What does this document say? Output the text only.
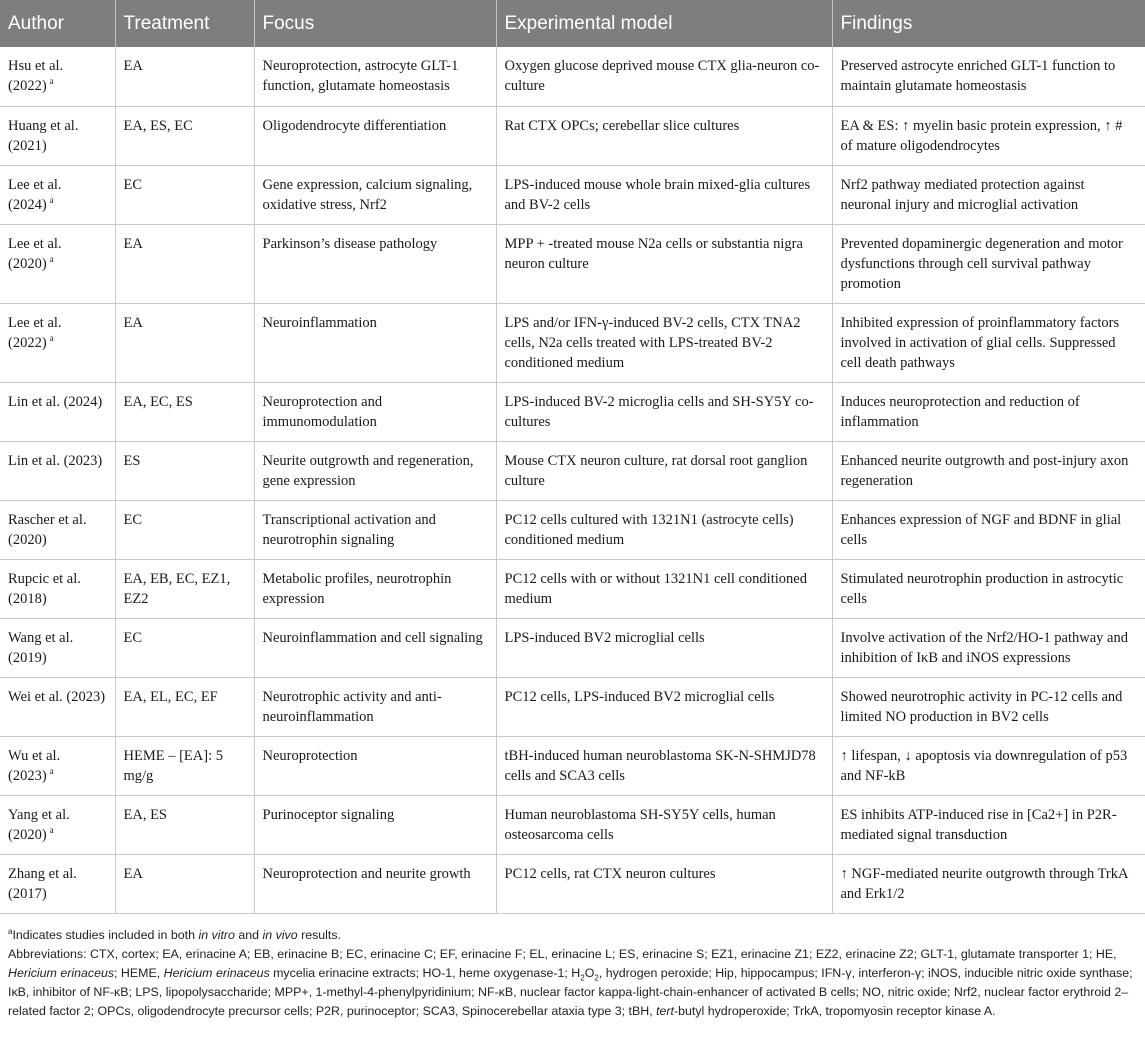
Author	Treatment	Focus	Experimental model	Findings
Hsu et al. (2022) $^a$	EA	Neuroprotection, astrocyte GLT-1 function, glutamate homeostasis	Oxygen glucose deprived mouse CTX glia-neuron co-culture	Preserved astrocyte enriched GLT-1 function to maintain glutamate homeostasis
Huang et al. (2021)	EA, ES, EC	Oligodendrocyte differentiation	Rat CTX OPCs; cerebellar slice cultures	EA & ES: ↑ myelin basic protein expression, ↑ # of mature oligodendrocytes
Lee et al. (2024) $^a$	EC	Gene expression, calcium signaling, oxidative stress, Nrf2	LPS-induced mouse whole brain mixed-glia cultures and BV-2 cells	Nrf2 pathway mediated protection against neuronal injury and microglial activation
Lee et al. (2020) $^a$	EA	Parkinson’s disease pathology	MPP + -treated mouse N2a cells or substantia nigra neuron culture	Prevented dopaminergic degeneration and motor dysfunctions through cell survival pathway promotion
Lee et al. (2022) $^a$	EA	Neuroinflammation	LPS and/or IFN-γ-induced BV-2 cells, CTX TNA2 cells, N2a cells treated with LPS-treated BV-2 conditioned medium	Inhibited expression of proinflammatory factors involved in activation of glial cells. Suppressed cell death pathways
Lin et al. (2024)	EA, EC, ES	Neuroprotection and immunomodulation	LPS-induced BV-2 microglia cells and SH-SY5Y co-cultures	Induces neuroprotection and reduction of inflammation
Lin et al. (2023)	ES	Neurite outgrowth and regeneration, gene expression	Mouse CTX neuron culture, rat dorsal root ganglion culture	Enhanced neurite outgrowth and post-injury axon regeneration
Rascher et al. (2020)	EC	Transcriptional activation and neurotrophin signaling	PC12 cells cultured with 1321N1 (astrocyte cells) conditioned medium	Enhances expression of NGF and BDNF in glial cells
Rupcic et al. (2018)	EA, EB, EC, EZ1, EZ2	Metabolic profiles, neurotrophin expression	PC12 cells with or without 1321N1 cell conditioned medium	Stimulated neurotrophin production in astrocytic cells
Wang et al. (2019)	EC	Neuroinflammation and cell signaling	LPS-induced BV2 microglial cells	Involve activation of the Nrf2/HO-1 pathway and inhibition of IκB and iNOS expressions
Wei et al. (2023)	EA, EL, EC, EF	Neurotrophic activity and anti-neuroinflammation	PC12 cells, LPS-induced BV2 microglial cells	Showed neurotrophic activity in PC-12 cells and limited NO production in BV2 cells
Wu et al. (2023) $^a$	HEME – [EA]: 5 mg/g	Neuroprotection	tBH-induced human neuroblastoma SK-N-SHMJD78 cells and SCA3 cells	↑ lifespan, ↓ apoptosis via downregulation of p53 and NF-kB
Yang et al. (2020) $^a$	EA, ES	Purinoceptor signaling	Human neuroblastoma SH-SY5Y cells, human osteosarcoma cells	ES inhibits ATP-induced rise in [Ca2+] in P2R-mediated signal transduction
Zhang et al. (2017)	EA	Neuroprotection and neurite growth	PC12 cells, rat CTX neuron cultures	↑ NGF-mediated neurite outgrowth through TrkA and Erk1/2

$^a$Indicates studies included in both in vitro and in vivo results.

Abbreviations: CTX, cortex; EA, erinacine A; EB, erinacine B; EC, erinacine C; EF, erinacine F; EL, erinacine L; ES, erinacine S; EZ1, erinacine Z1; EZ2, erinacine Z2; GLT-1, glutamate transporter 1; HE, Hericium erinaceus; HEME, Hericium erinaceus mycelia erinacine extracts; HO-1, heme oxygenase-1; $H_2O_2$, hydrogen peroxide; Hip, hippocampus; IFN-γ, interferon-γ; iNOS, inducible nitric oxide synthase; IκB, inhibitor of NF-κB; LPS, lipopolysaccharide; MPP+, 1-methyl-4-phenylpyridinium; NF-κB, nuclear factor kappa-light-chain-enhancer of activated B cells; NO, nitric oxide; Nrf2, nuclear factor erythroid 2–related factor 2; OPCs, oligodendrocyte precursor cells; P2R, purinoceptor; SCA3, Spinocerebellar ataxia type 3; tBH, tert-butyl hydroperoxide; TrkA, tropomyosin receptor kinase A.
